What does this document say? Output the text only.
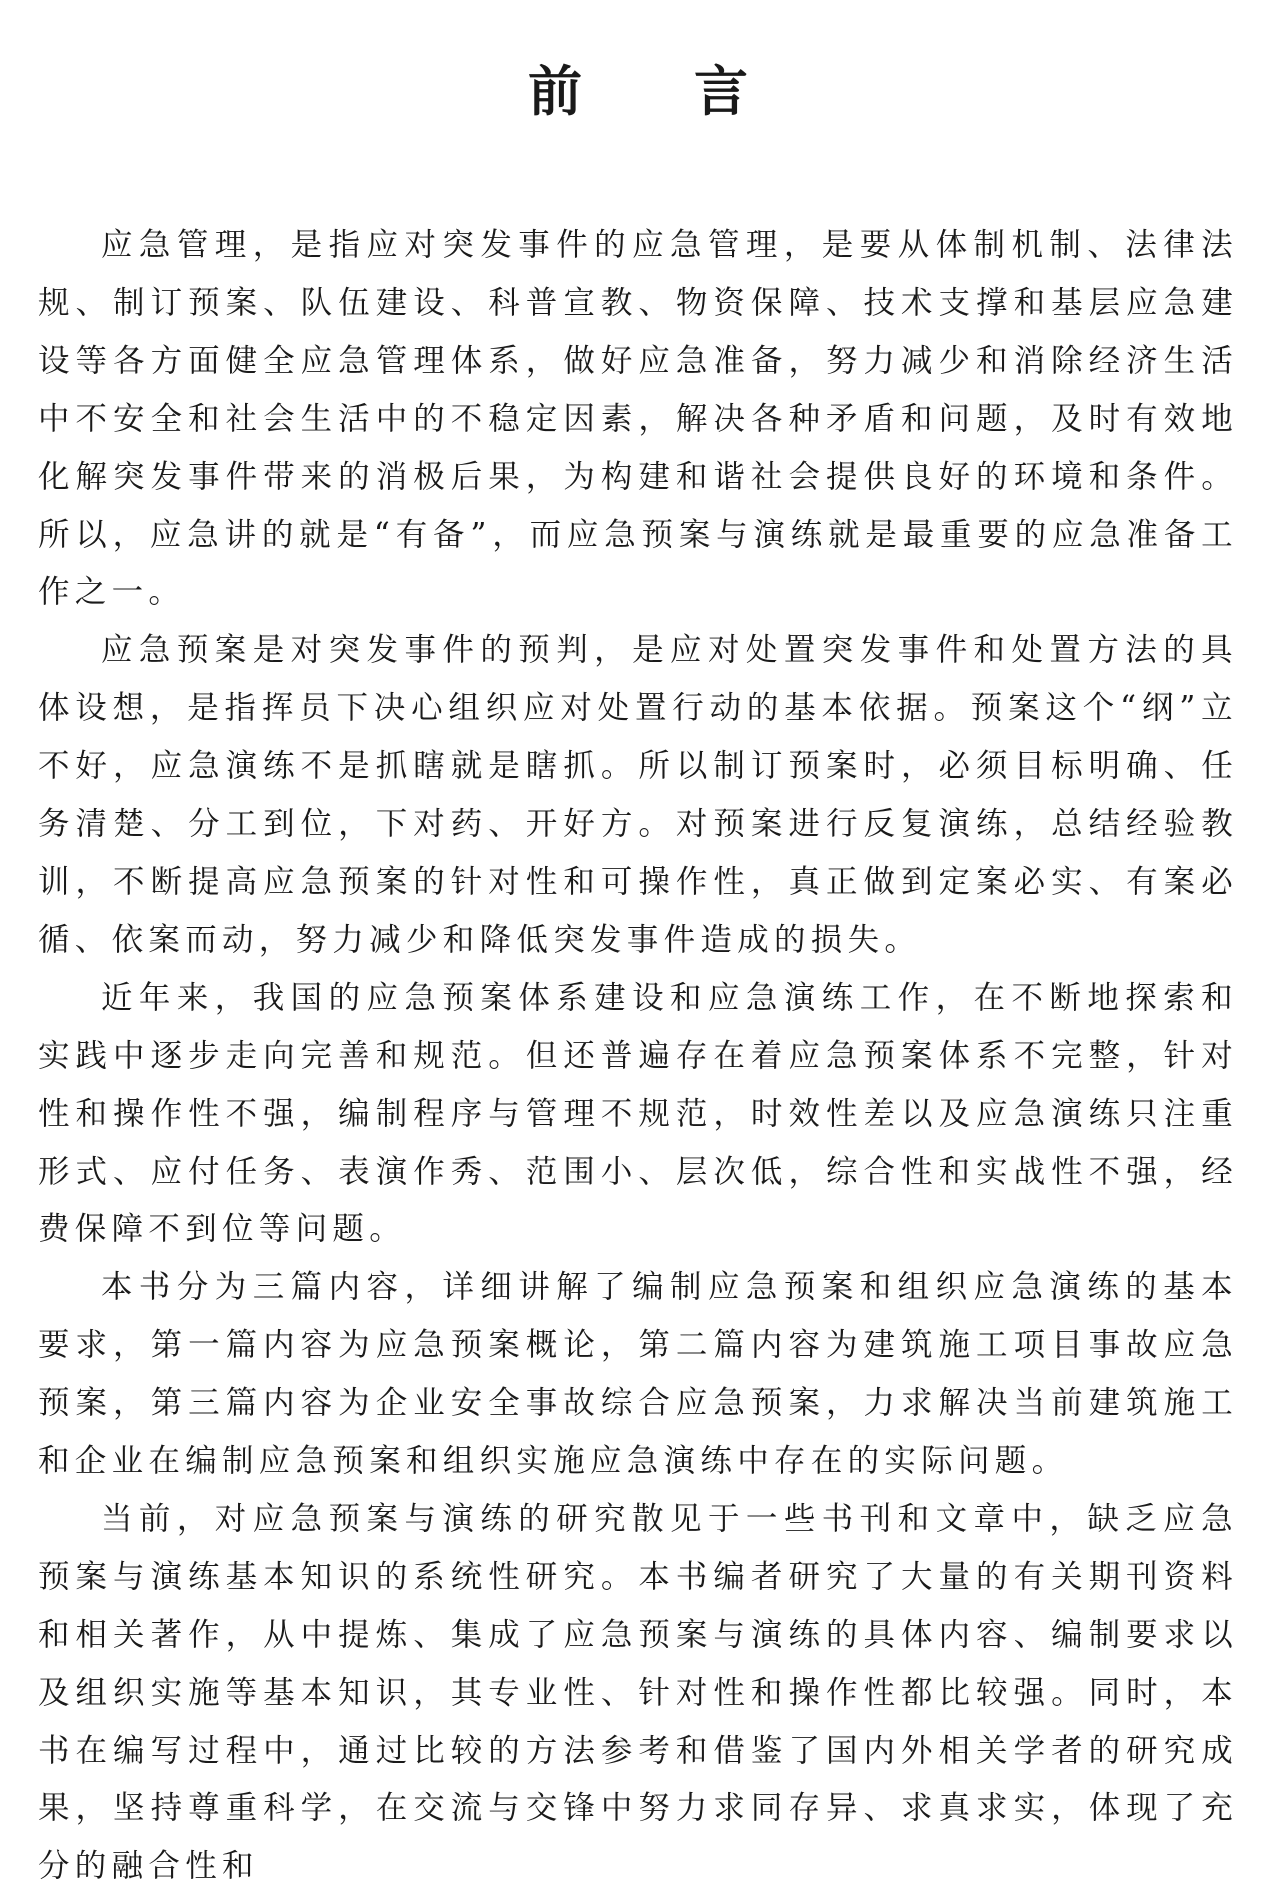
前 言

应急管理，是指应对突发事件的应急管理，是要从体制机制、法律法规、制订预案、队伍建设、科普宣教、物资保障、技术支撑和基层应急建设等各方面健全应急管理体系，做好应急准备，努力减少和消除经济生活中不安全和社会生活中的不稳定因素，解决各种矛盾和问题，及时有效地化解突发事件带来的消极后果，为构建和谐社会提供良好的环境和条件。所以，应急讲的就是“有备”，而应急预案与演练就是最重要的应急准备工作之一。

应急预案是对突发事件的预判，是应对处置突发事件和处置方法的具体设想，是指挥员下决心组织应对处置行动的基本依据。预案这个“纲”立不好，应急演练不是抓瞎就是瞎抓。所以制订预案时，必须目标明确、任务清楚、分工到位，下对药、开好方。对预案进行反复演练，总结经验教训，不断提高应急预案的针对性和可操作性，真正做到定案必实、有案必循、依案而动，努力减少和降低突发事件造成的损失。

近年来，我国的应急预案体系建设和应急演练工作，在不断地探索和实践中逐步走向完善和规范。但还普遍存在着应急预案体系不完整，针对性和操作性不强，编制程序与管理不规范，时效性差以及应急演练只注重形式、应付任务、表演作秀、范围小、层次低，综合性和实战性不强，经费保障不到位等问题。

本书分为三篇内容，详细讲解了编制应急预案和组织应急演练的基本要求，第一篇内容为应急预案概论，第二篇内容为建筑施工项目事故应急预案，第三篇内容为企业安全事故综合应急预案，力求解决当前建筑施工和企业在编制应急预案和组织实施应急演练中存在的实际问题。

当前，对应急预案与演练的研究散见于一些书刊和文章中，缺乏应急预案与演练基本知识的系统性研究。本书编者研究了大量的有关期刊资料和相关著作，从中提炼、集成了应急预案与演练的具体内容、编制要求以及组织实施等基本知识，其专业性、针对性和操作性都比较强。同时，本书在编写过程中，通过比较的方法参考和借鉴了国内外相关学者的研究成果，坚持尊重科学，在交流与交锋中努力求同存异、求真求实，体现了充分的融合性和
